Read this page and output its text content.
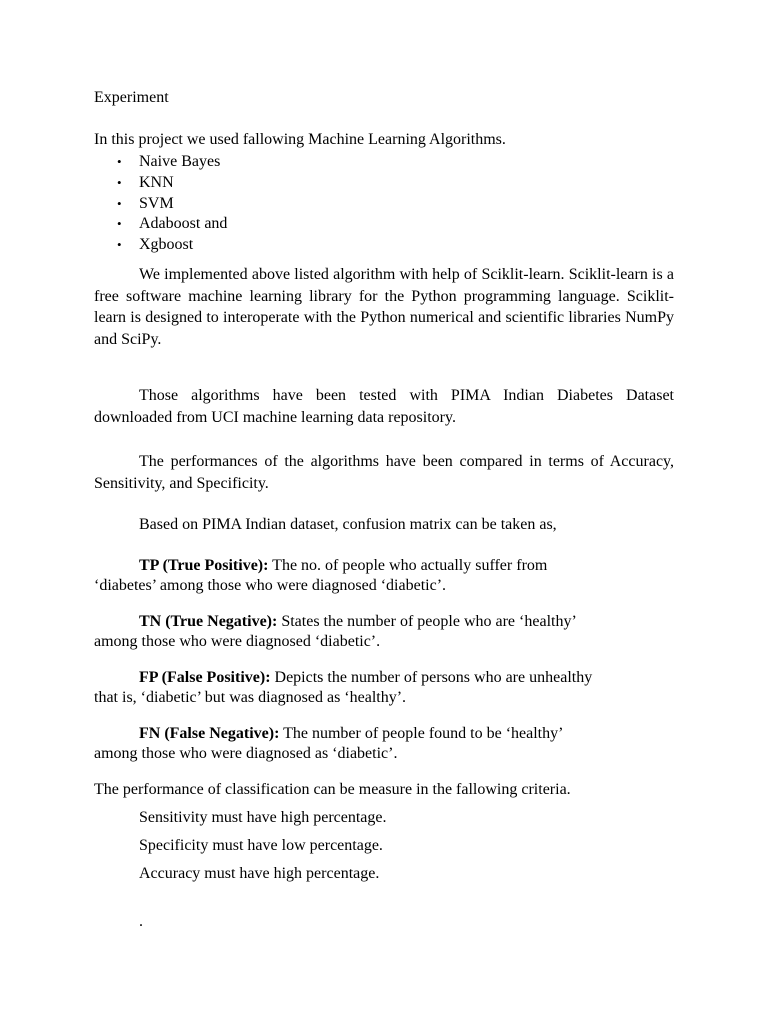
Experiment

In this project we used fallowing Machine Learning Algorithms.

• Naive Bayes
• KNN
• SVM
• Adaboost and
• Xgboost

We implemented above listed algorithm with help of Sciklit-learn. Sciklit-learn is a free software machine learning library for the Python programming language. Sciklit-learn is designed to interoperate with the Python numerical and scientific libraries NumPy and SciPy.

Those algorithms have been tested with PIMA Indian Diabetes Dataset downloaded from UCI machine learning data repository.

The performances of the algorithms have been compared in terms of Accuracy, Sensitivity, and Specificity.

Based on PIMA Indian dataset, confusion matrix can be taken as,

TP (True Positive): The no. of people who actually suffer from
‘diabetes’ among those who were diagnosed ‘diabetic’.
TN (True Negative): States the number of people who are ‘healthy’
among those who were diagnosed ‘diabetic’.
FP (False Positive): Depicts the number of persons who are unhealthy
that is, ‘diabetic’ but was diagnosed as ‘healthy’.
FN (False Negative): The number of people found to be ‘healthy’
among those who were diagnosed as ‘diabetic’.

The performance of classification can be measure in the fallowing criteria.

Sensitivity must have high percentage.

Specificity must have low percentage.

Accuracy must have high percentage.

.
